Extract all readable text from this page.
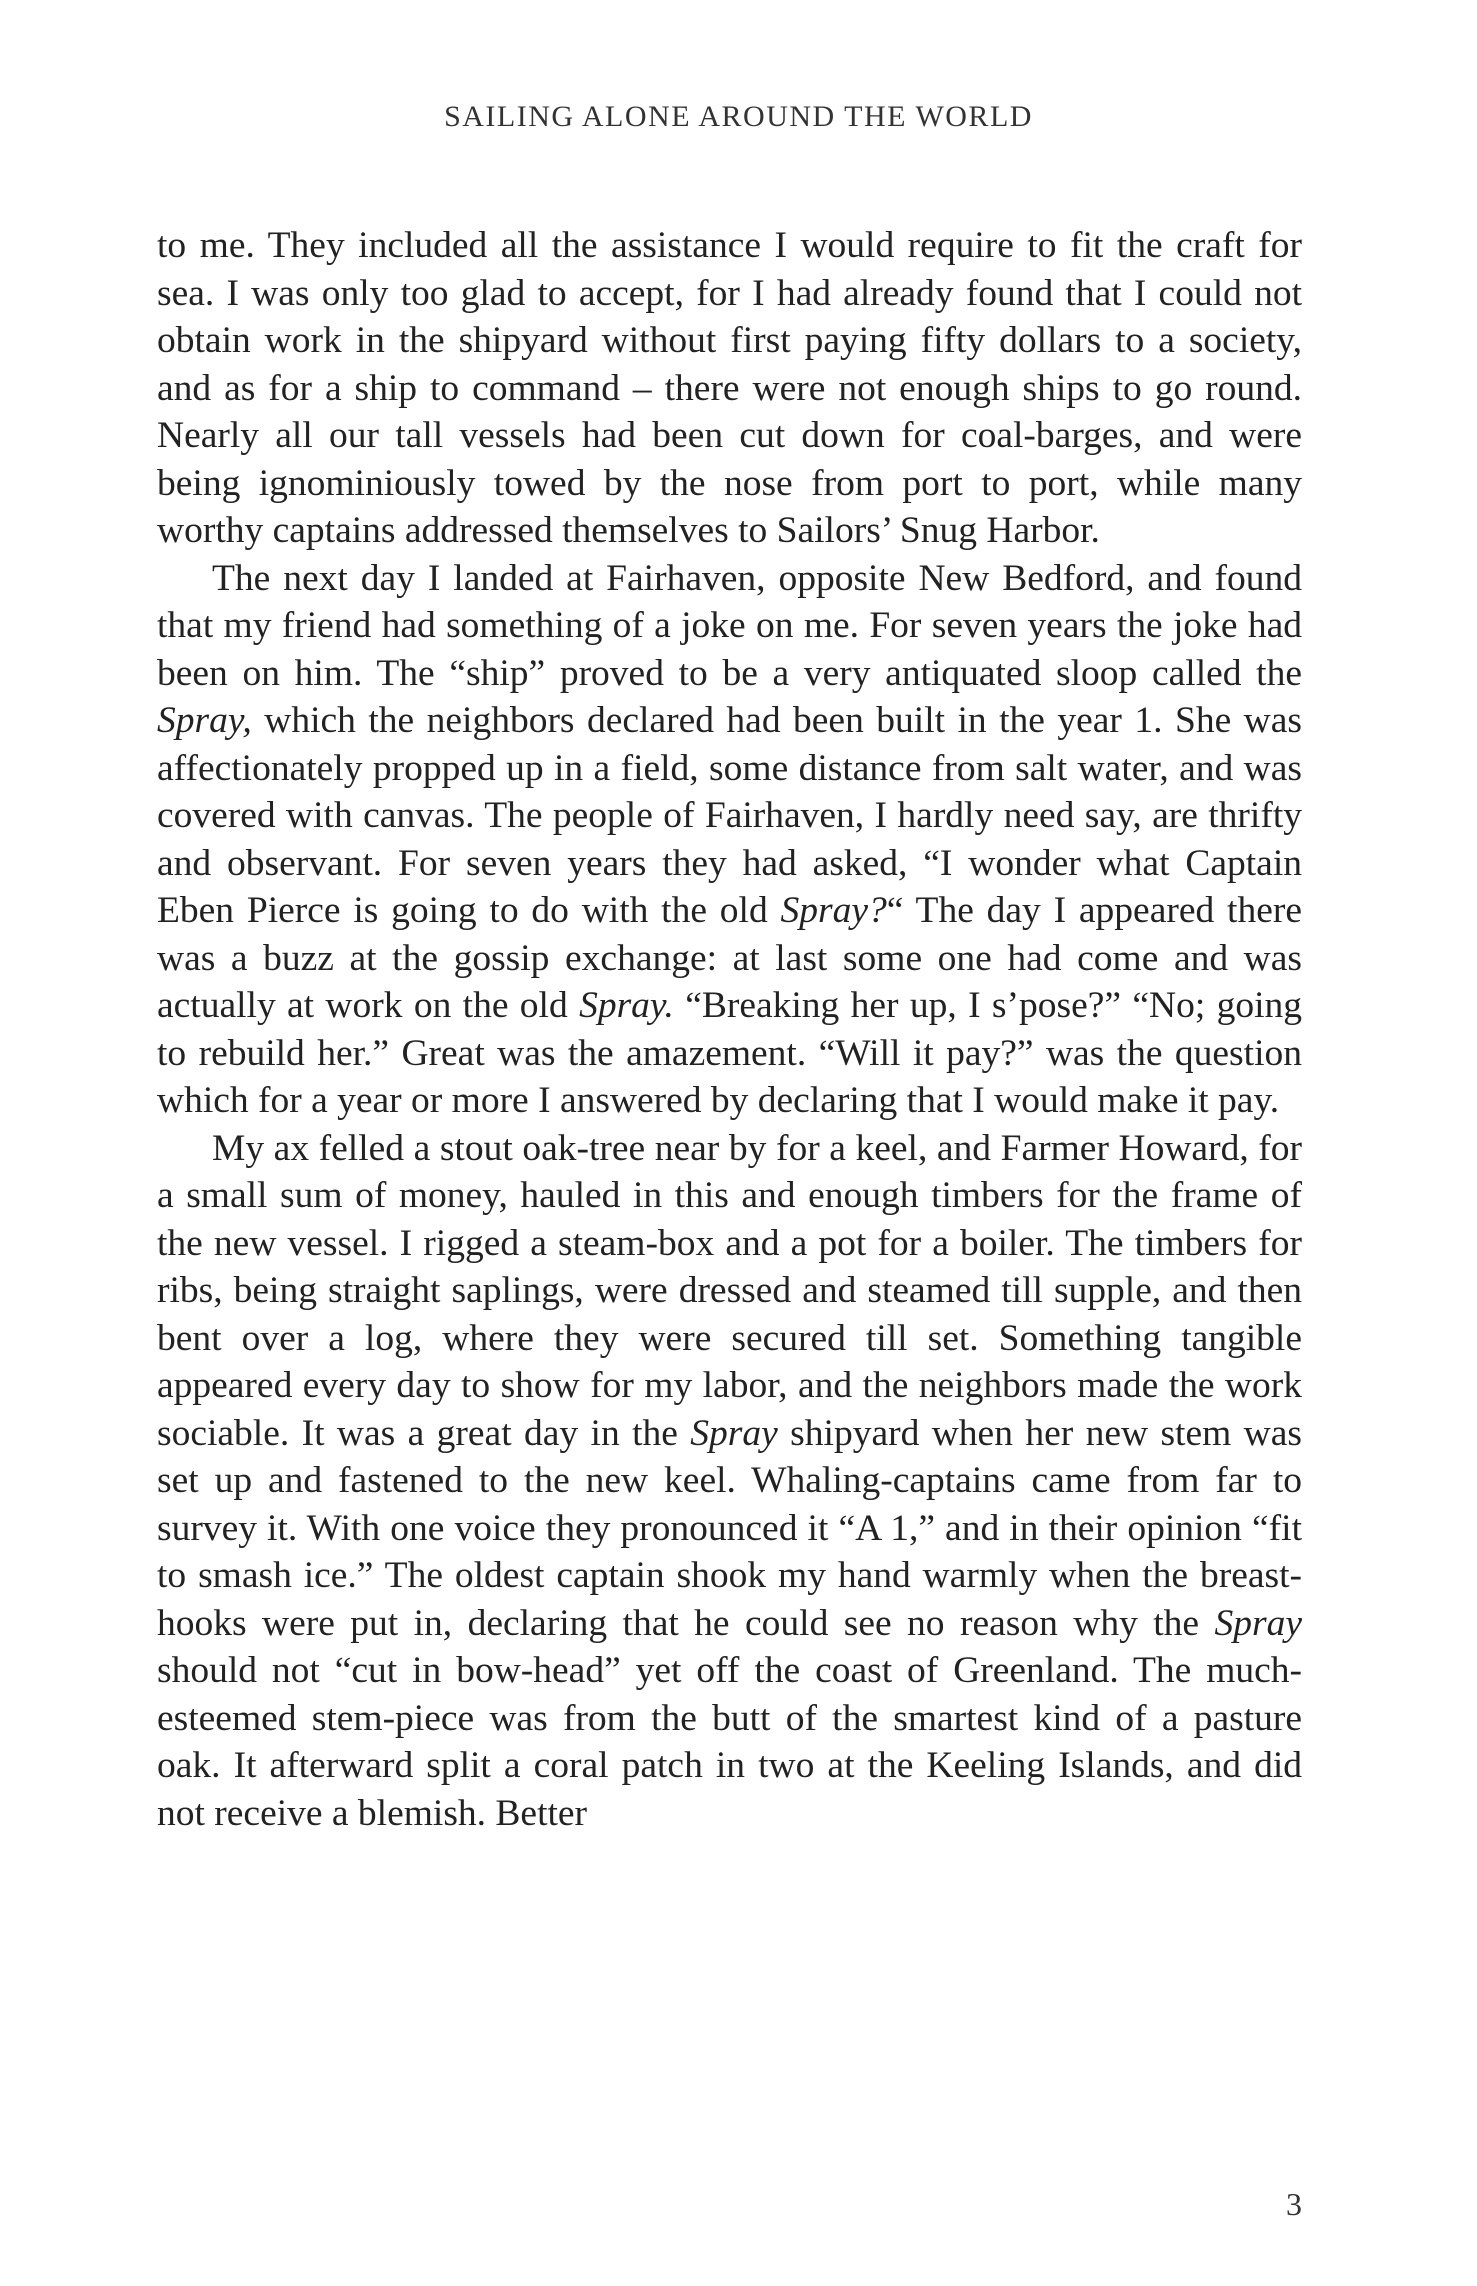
SAILING ALONE AROUND THE WORLD

to me. They included all the assistance I would require to fit the craft for sea. I was only too glad to accept, for I had already found that I could not obtain work in the shipyard without first paying fifty dollars to a society, and as for a ship to command – there were not enough ships to go round. Nearly all our tall vessels had been cut down for coal-barges, and were being ignominiously towed by the nose from port to port, while many worthy captains addressed themselves to Sailors’ Snug Harbor.

The next day I landed at Fairhaven, opposite New Bedford, and found that my friend had something of a joke on me. For seven years the joke had been on him. The “ship” proved to be a very antiquated sloop called the Spray, which the neighbors declared had been built in the year 1. She was affectionately propped up in a field, some distance from salt water, and was covered with canvas. The people of Fairhaven, I hardly need say, are thrifty and observant. For seven years they had asked, “I wonder what Captain Eben Pierce is going to do with the old Spray?“ The day I appeared there was a buzz at the gossip exchange: at last some one had come and was actually at work on the old Spray. “Breaking her up, I s’pose?” “No; going to rebuild her.” Great was the amazement. “Will it pay?” was the question which for a year or more I answered by declaring that I would make it pay.

My ax felled a stout oak-tree near by for a keel, and Farmer Howard, for a small sum of money, hauled in this and enough timbers for the frame of the new vessel. I rigged a steam-box and a pot for a boiler. The timbers for ribs, being straight saplings, were dressed and steamed till supple, and then bent over a log, where they were secured till set. Something tangible appeared every day to show for my labor, and the neighbors made the work sociable. It was a great day in the Spray shipyard when her new stem was set up and fastened to the new keel. Whaling-captains came from far to survey it. With one voice they pronounced it “A 1,” and in their opinion “fit to smash ice.” The oldest captain shook my hand warmly when the breast-hooks were put in, declaring that he could see no reason why the Spray should not “cut in bow-head” yet off the coast of Greenland. The much-esteemed stem-piece was from the butt of the smartest kind of a pasture oak. It afterward split a coral patch in two at the Keeling Islands, and did not receive a blemish. Better

3
